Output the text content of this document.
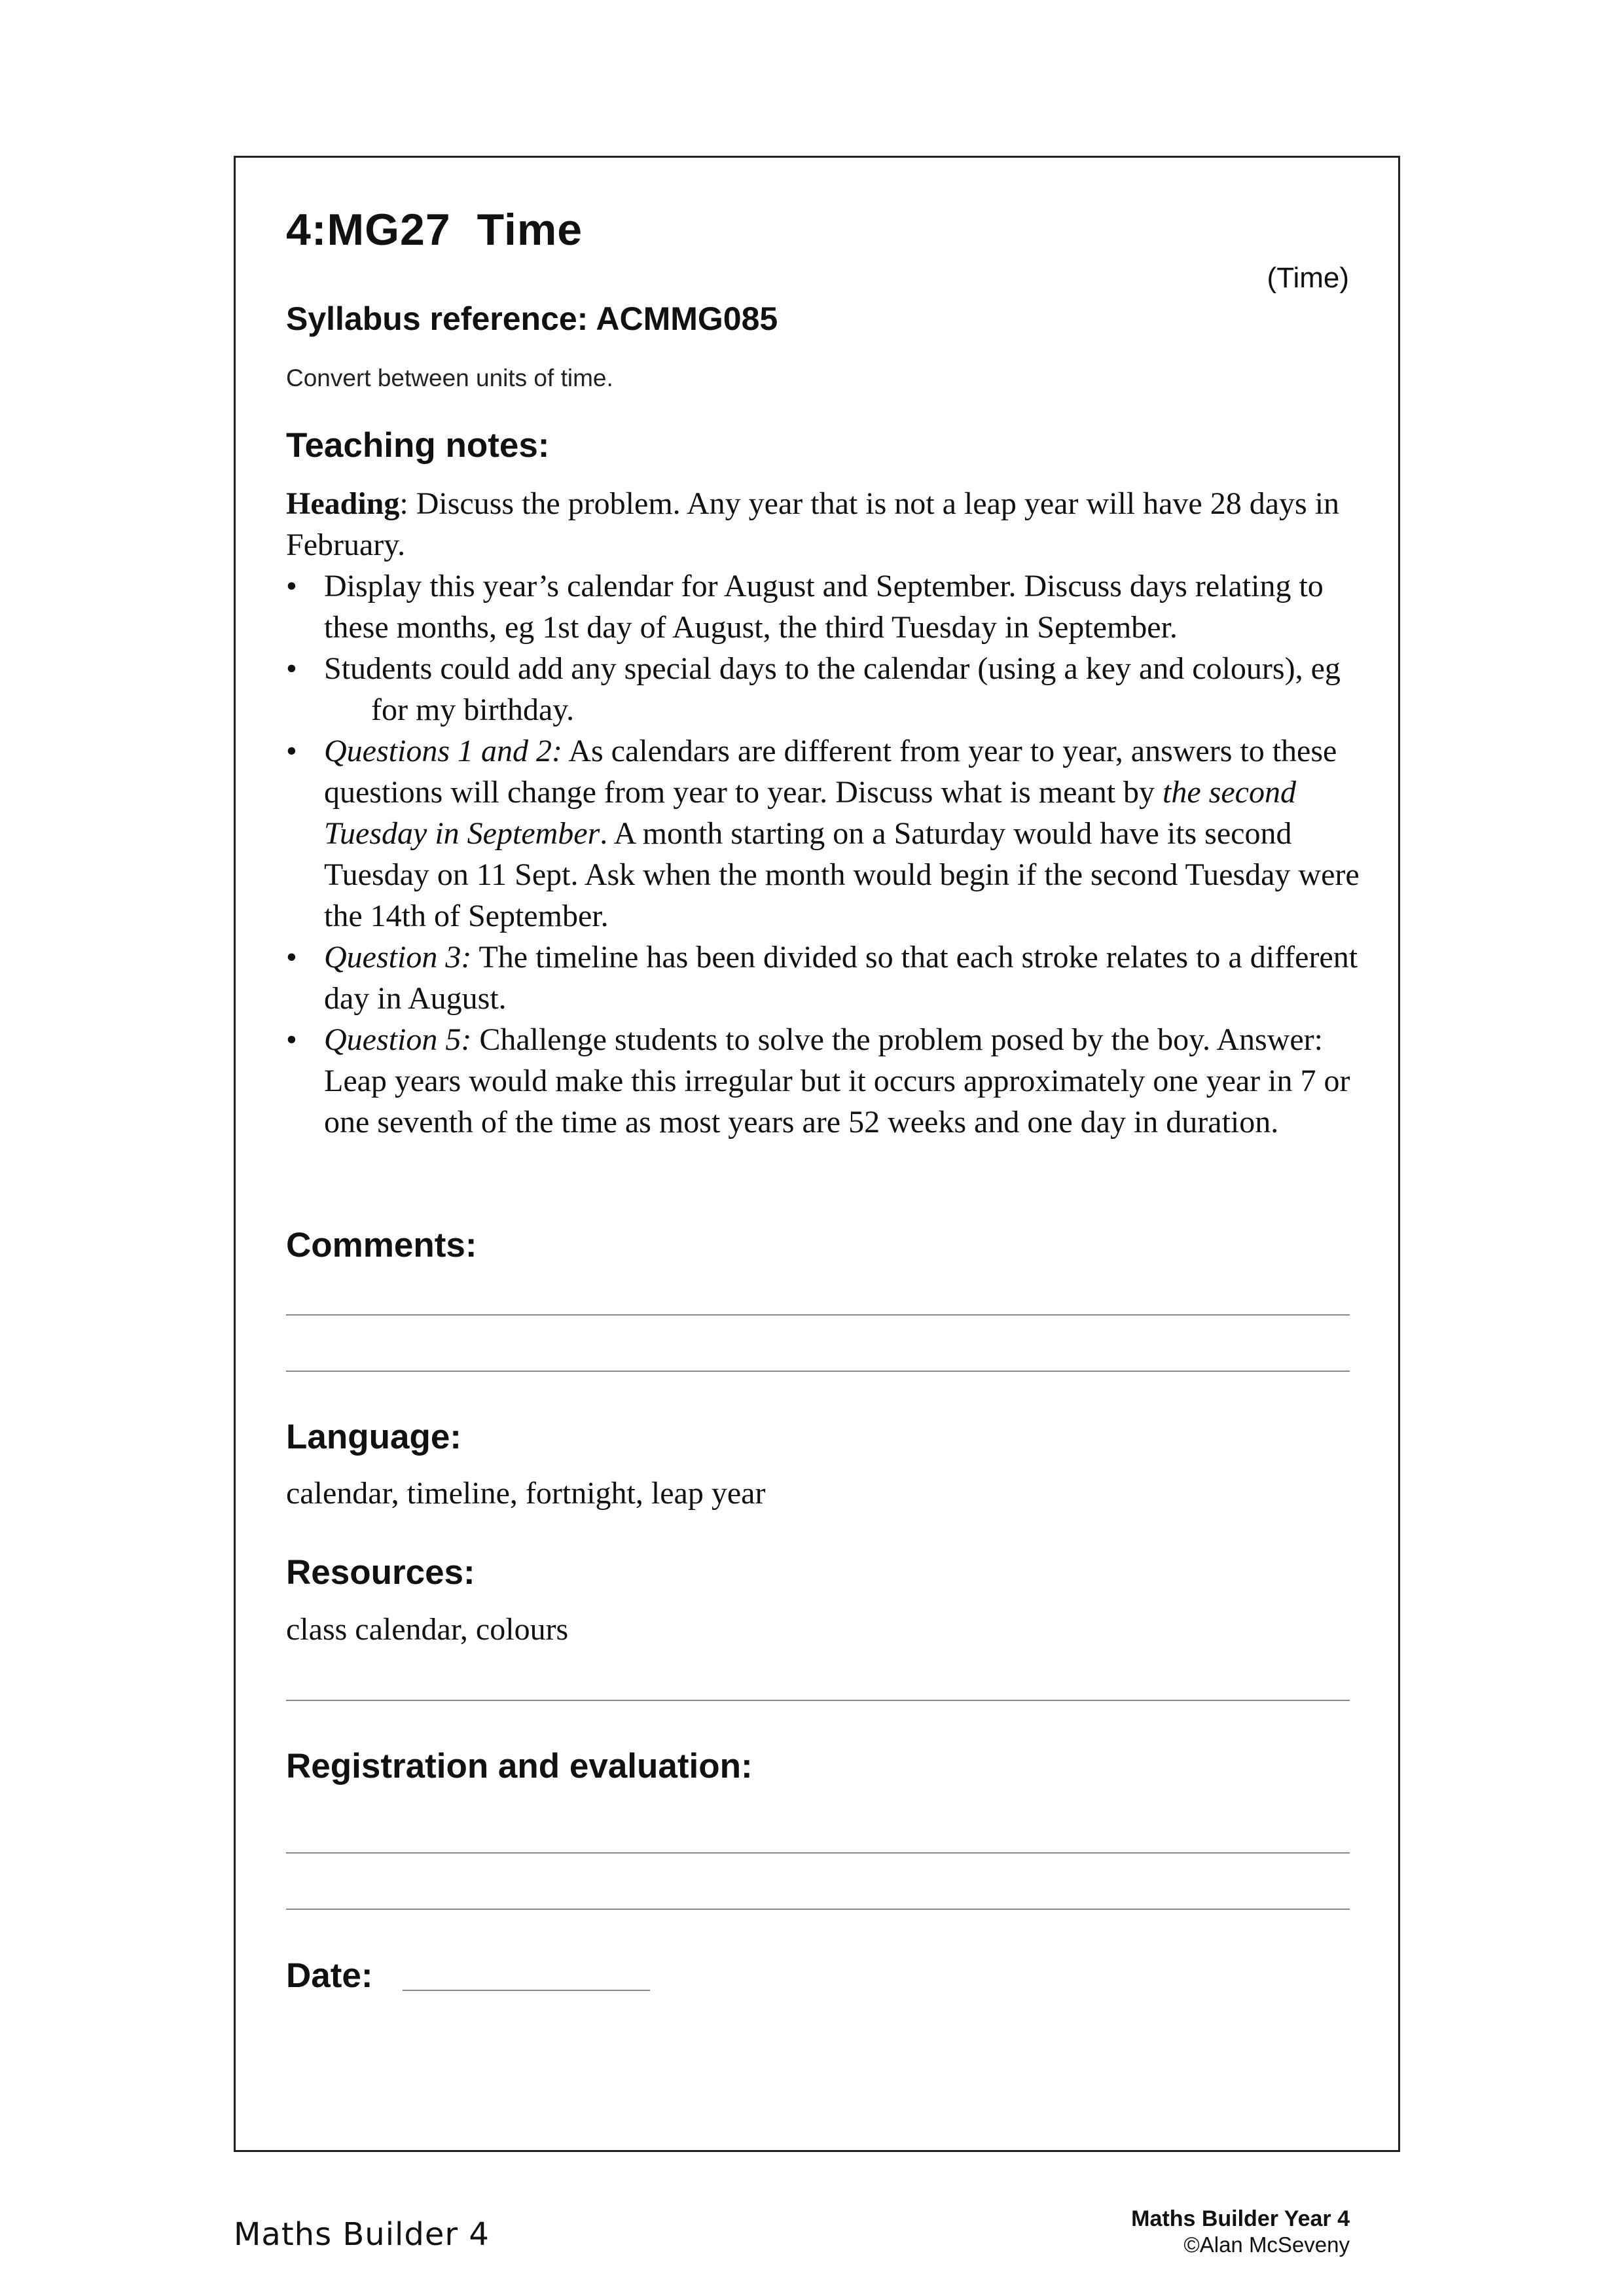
4:MG27 Time
(Time)
Syllabus reference: ACMMG085
Convert between units of time.
Teaching notes:

Heading: Discuss the problem. Any year that is not a leap year will have 28 days in February.

• Display this year’s calendar for August and September. Discuss days relating to these months, eg 1st day of August, the third Tuesday in September.
• Students could add any special days to the calendar (using a key and colours), egfor my birthday.
• Questions 1 and 2: As calendars are different from year to year, answers to these questions will change from year to year. Discuss what is meant by the second Tuesday in September. A month starting on a Saturday would have its second Tuesday on 11 Sept. Ask when the month would begin if the second Tuesday were the 14th of September.
• Question 3: The timeline has been divided so that each stroke relates to a different day in August.
• Question 5: Challenge students to solve the problem posed by the boy. Answer: Leap years would make this irregular but it occurs approximately one year in 7 or one seventh of the time as most years are 52 weeks and one day in duration.
Comments:
Language:
calendar, timeline, fortnight, leap year
Resources:
class calendar, colours
Registration and evaluation:
Date:
Maths Builder 4	Maths Builder Year 4
©Alan McSeveny
